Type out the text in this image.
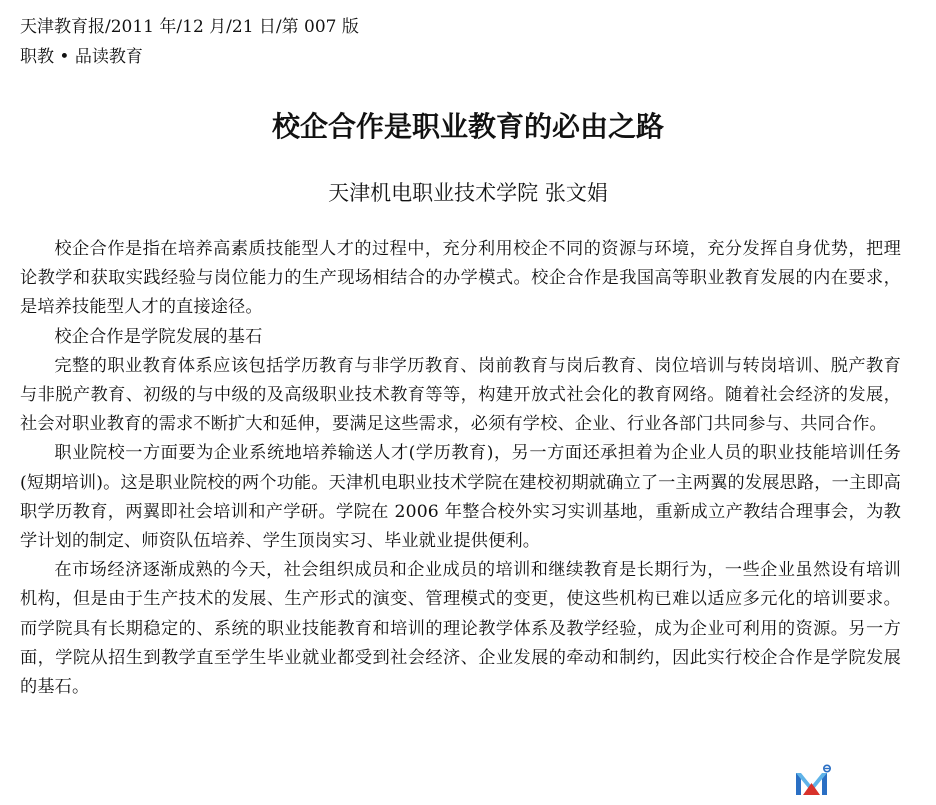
天津教育报/2011 年/12 月/21 日/第 007 版
职教 • 品读教育
校企合作是职业教育的必由之路
天津机电职业技术学院 张文娟

校企合作是指在培养高素质技能型人才的过程中，充分利用校企不同的资源与环境，充分发挥自身优势，把理论教学和获取实践经验与岗位能力的生产现场相结合的办学模式。校企合作是我国高等职业教育发展的内在要求，是培养技能型人才的直接途径。

校企合作是学院发展的基石

完整的职业教育体系应该包括学历教育与非学历教育、岗前教育与岗后教育、岗位培训与转岗培训、脱产教育与非脱产教育、初级的与中级的及高级职业技术教育等等，构建开放式社会化的教育网络。随着社会经济的发展，社会对职业教育的需求不断扩大和延伸，要满足这些需求，必须有学校、企业、行业各部门共同参与、共同合作。

职业院校一方面要为企业系统地培养输送人才(学历教育)，另一方面还承担着为企业人员的职业技能培训任务(短期培训)。这是职业院校的两个功能。天津机电职业技术学院在建校初期就确立了一主两翼的发展思路，一主即高职学历教育，两翼即社会培训和产学研。学院在 2006 年整合校外实习实训基地，重新成立产教结合理事会，为教学计划的制定、师资队伍培养、学生顶岗实习、毕业就业提供便利。

在市场经济逐渐成熟的今天，社会组织成员和企业成员的培训和继续教育是长期行为，一些企业虽然设有培训机构，但是由于生产技术的发展、生产形式的演变、管理模式的变更，使这些机构已难以适应多元化的培训要求。而学院具有长期稳定的、系统的职业技能教育和培训的理论教学体系及教学经验，成为企业可利用的资源。另一方面，学院从招生到教学直至学生毕业就业都受到社会经济、企业发展的牵动和制约，因此实行校企合作是学院发展的基石。
